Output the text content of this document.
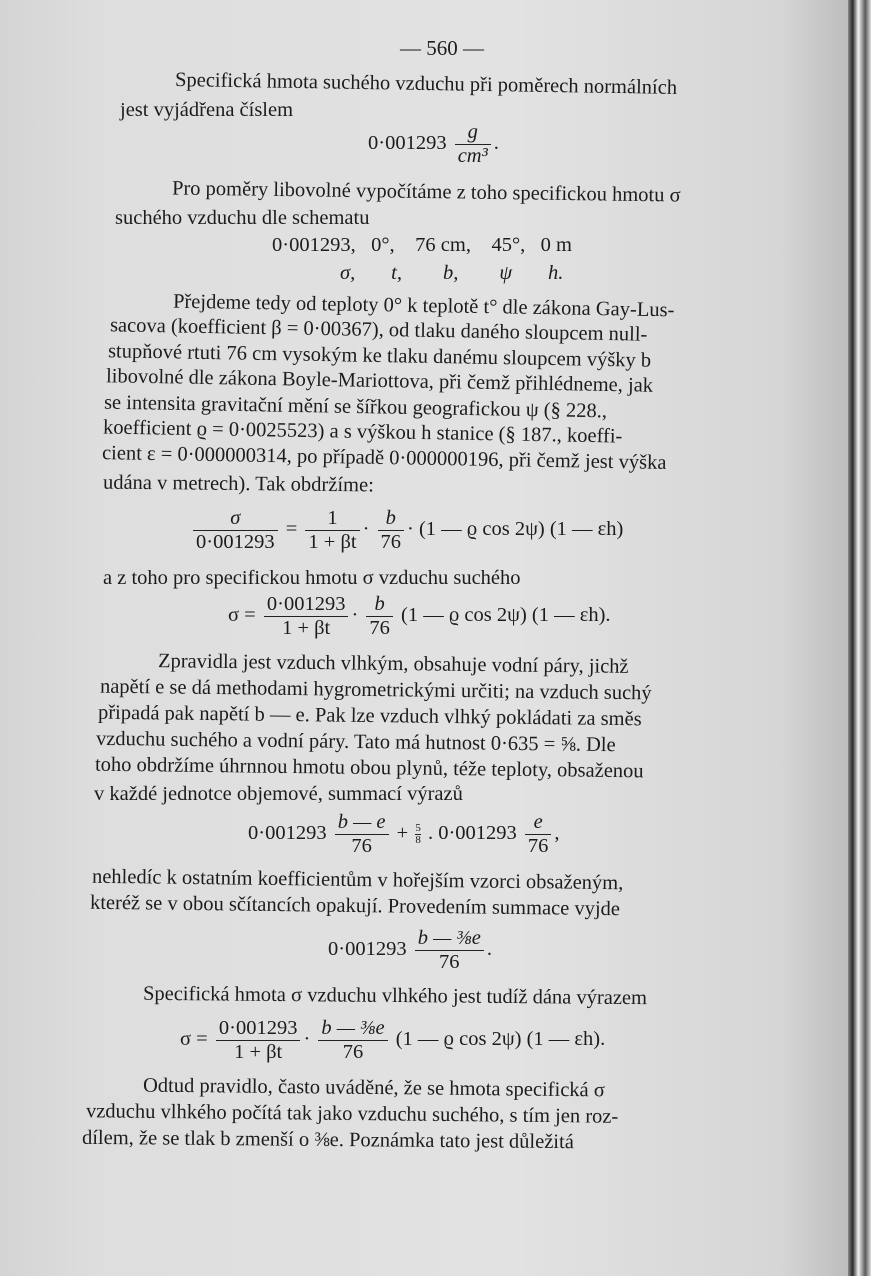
— 560 —
Specifická hmota suchého vzduchu při poměrech normálních
jest vyjádřena číslem
$0\cdot 001293 \frac{g}{\text{cm³}}$ .
Pro poměry libovolné vypočítáme z toho specifickou hmotu σ
suchého vzduchu dle schematu
0·001293, 0°, 76 cm, 45°, 0 m
σ, t, b, ψ h.
Přejdeme tedy od teploty 0° k teplotě t° dle zákona Gay-Lus-
sacova (koefficient β = 0·00367), od tlaku daného sloupcem null-
stupňové rtuti 76 cm vysokým ke tlaku danému sloupcem výšky b
libovolné dle zákona Boyle-Mariottova, při čemž přihlédneme, jak
se intensita gravitační mění se šířkou geografickou ψ (§ 228.,
koefficient ϱ = 0·0025523) a s výškou h stanice (§ 187., koeffi-
cient ε = 0·000000314, po případě 0·000000196, při čemž jest výška
udána v metrech). Tak obdržíme:
$\frac{\sigma}{0\cdot 001293} = \frac{1}{1 + \beta t} \cdot \frac{b}{76} \cdot (1$ — ϱ cos 2ψ) (1 — εh)
a z toho pro specifickou hmotu σ vzduchu suchého
$\sigma = \frac{0\cdot 001293}{1 + \beta t} \cdot \frac{b}{76} (1$ — ϱ cos 2ψ) (1 — εh).
Zpravidla jest vzduch vlhkým, obsahuje vodní páry, jichž
napětí e se dá methodami hygrometrickými určiti; na vzduch suchý
připadá pak napětí b — e. Pak lze vzduch vlhký pokládati za směs
vzduchu suchého a vodní páry. Tato má hutnost 0·635 = ⅝. Dle
toho obdržíme úhrnnou hmotu obou plynů, téže teploty, obsaženou
v každé jednotce objemové, summací výrazů
$0\cdot 001293 \frac{b — e}{76} + \frac{5}{8}$ . $0\cdot 001293 \frac{e}{76}$ ,
nehledíc k ostatním koefficientům v hořejším vzorci obsaženým,
kteréž se v obou sčítancích opakují. Provedením summace vyjde
$0\cdot 001293 \frac{\text{b — ⅜e}}{76}$ .
Specifická hmota σ vzduchu vlhkého jest tudíž dána výrazem
$\sigma = \frac{0\cdot 001293}{1 + \beta t} \cdot \frac{\text{b — ⅜e}}{76} (1$ — ϱ cos 2ψ) (1 — εh).
Odtud pravidlo, často uváděné, že se hmota specifická σ
vzduchu vlhkého počítá tak jako vzduchu suchého, s tím jen roz-
dílem, že se tlak b zmenší o ⅜e. Poznámka tato jest důležitá
